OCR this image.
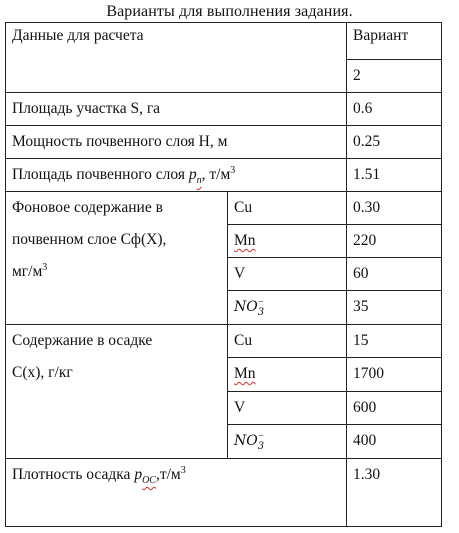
Варианты для выполнения задания.
Данные для расчета		Вариант
		2
Площадь участка S, га		0.6
Мощность почвенного слоя H, м		0.25
Площадь почвенного слоя $p_п$, $т/м^3$		1.51
Фоновое содержание в
почвенном слое Сф(Х),
$мг/м^3$	Cu	0.30
	Mn	220
	V	60
	$NO_3^-$	35
Содержание в осадке
С(х), г/кг	Cu	15
	Mn	1700
	V	600
	$NO_3^-$	400
Плотность осадка $p_{OC},т/м^3$		1.30
